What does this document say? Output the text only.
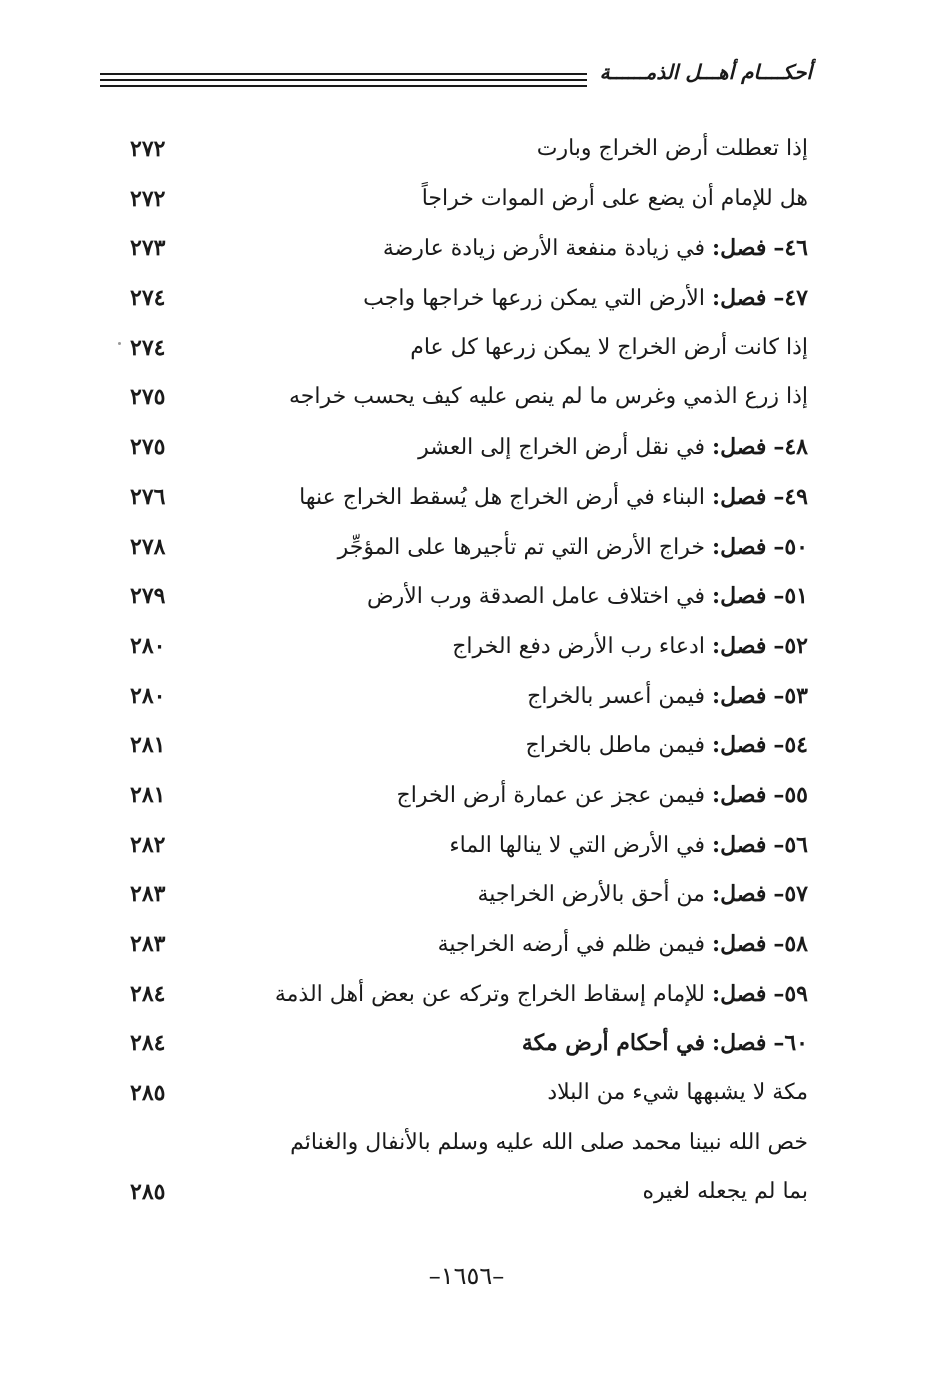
أحكــــام أهـــل الذمــــــة
إذا تعطلت أرض الخراج وبارت
٢٧٢
هل للإمام أن يضع على أرض الموات خراجاً
٢٧٢
٤٦– فصل: في زيادة منفعة الأرض زيادة عارضة
٢٧٣
٤٧– فصل: الأرض التي يمكن زرعها خراجها واجب
٢٧٤
إذا كانت أرض الخراج لا يمكن زرعها كل عام
٢٧٤
إذا زرع الذمي وغرس ما لم ينص عليه كيف يحسب خراجه
٢٧٥
٤٨– فصل: في نقل أرض الخراج إلى العشر
٢٧٥
٤٩– فصل: البناء في أرض الخراج هل يُسقط الخراج عنها
٢٧٦
٥٠– فصل: خراج الأرض التي تم تأجيرها على المؤجِّر
٢٧٨
٥١– فصل: في اختلاف عامل الصدقة ورب الأرض
٢٧٩
٥٢– فصل: ادعاء رب الأرض دفع الخراج
٢٨٠
٥٣– فصل: فيمن أعسر بالخراج
٢٨٠
٥٤– فصل: فيمن ماطل بالخراج
٢٨١
٥٥– فصل: فيمن عجز عن عمارة أرض الخراج
٢٨١
٥٦– فصل: في الأرض التي لا ينالها الماء
٢٨٢
٥٧– فصل: من أحق بالأرض الخراجية
٢٨٣
٥٨– فصل: فيمن ظلم في أرضه الخراجية
٢٨٣
٥٩– فصل: للإمام إسقاط الخراج وتركه عن بعض أهل الذمة
٢٨٤
٦٠– فصل: في أحكام أرض مكة
٢٨٤
مكة لا يشبهها شيء من البلاد
٢٨٥
خص الله نبينا محمد صلى الله عليه وسلم بالأنفال والغنائم
بما لم يجعله لغيره
٢٨٥
–١٦٥٦–
